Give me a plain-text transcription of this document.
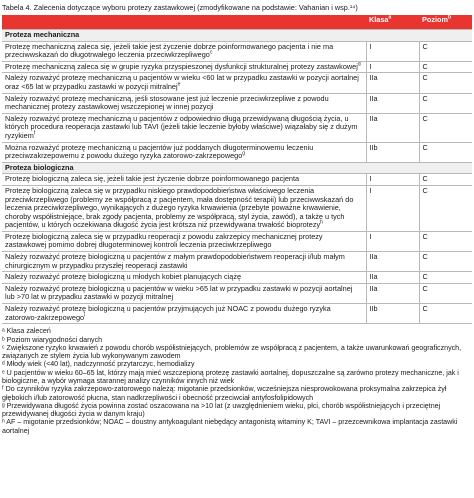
Tabela 4. Zalecenia dotyczące wyboru protezy zastawkowej (zmodyfikowane na podstawie: Vahanian i wsp.¹⁴)
.	Klasa$^a$	Poziom$^b$
Proteza mechaniczna		
Protezę mechaniczną zaleca się, jeżeli takie jest życzenie dobrze poinformowanego pacjenta i nie ma przeciwwskazań do długotrwałego leczenia przeciwkrzepliwego$^c$	I	C
Protezę mechaniczną zaleca się w grupie ryzyka przyspieszonej dysfunkcji strukturalnej protezy zastawkowej$^d$	I	C
Należy rozważyć protezę mechaniczną u pacjentów w wieku <60 lat w przypadku zastawki w pozycji aortalnej oraz <65 lat w przypadku zastawki w pozycji mitralnej$^e$	IIa	C
Należy rozważyć protezę mechaniczną, jeśli stosowane jest już leczenie przeciwkrzepliwe z powodu mechanicznej protezy zastawkowej wszczepionej w innej pozycji	IIa	C
Należy rozważyć protezę mechaniczną u pacjentów z odpowiednio długą przewidywaną długością życia, u których procedura reoperacja zastawki lub TAVI (jeżeli takie leczenie byłoby właściwe) wiązałaby się z dużym ryzykiem$^f$	IIa	C
Można rozważyć protezę mechaniczną u pacjentów już poddanych długoterminowemu leczeniu przeciwzakrzepowemu z powodu dużego ryzyka zatorowo-zakrzepowego$^g$	IIb	C
Proteza biologiczna		
Protezę biologiczną zaleca się, jeżeli takie jest życzenie dobrze poinformowanego pacjenta	I	C
Protezę biologiczną zaleca się w przypadku niskiego prawdopodobieństwa właściwego leczenia przeciwkrzepliwego (problemy ze współpracą z pacjentem, mała dostępność terapii) lub przeciwwskazań do leczenia przeciwkrzepliwego, wynikających z dużego ryzyka krwawienia (przebyte poważne krwawienie, choroby współistniejące, brak zgody pacjenta, problemy ze współpracą, styl życia, zawód), a także u tych pacjentów, u których oczekiwana długość życia jest krótsza niż przewidywana trwałość bioprotezy$^h$	I	C
Protezę biologiczną zaleca się w przypadku reoperacji z powodu zakrzepicy mechanicznej protezy zastawkowej pomimo dobrej długoterminowej kontroli leczenia przeciwkrzepliwego	I	C
Należy rozważyć protezę biologiczną u pacjentów z małym prawdopodobieństwem reoperacji i/lub małym chirurgicznym w przypadku przyszłej reoperacji zastawki	IIa	C
Należy rozważyć protezę biologiczną u młodych kobiet planujących ciążę	IIa	C
Należy rozważyć protezę biologiczną u pacjentów w wieku >65 lat w przypadku zastawki w pozycji aortalnej lub >70 lat w przypadku zastawki w pozycji mitralnej	IIa	C
Należy rozważyć protezę biologiczną u pacjentów przyjmujących już NOAC z powodu dużego ryzyka zatorowo-zakrzepowego$^i$	IIb	C
ᵃ Klasa zaleceń
ᵇ Poziom wiarygodności danych
ᶜ Zwiększone ryzyko krwawień z powodu chorób współistniejących, problemów ze współpracą z pacjentem, a także uwarunkowań geograficznych, związanych ze stylem życia lub wykonywanym zawodem
ᵈ Młody wiek (<40 lat), nadczynność przytarczyc, hemodializy
ᵉ U pacjentów w wieku 60–65 lat, którzy mają mieć wszczepioną protezę zastawki aortalnej, dopuszczalne są zarówno protezy mechaniczne, jak i biologiczne, a wybór wymaga starannej analizy czynników innych niż wiek
ᶠ Do czynników ryzyka zakrzepowo-zatorowego należą: migotanie przedsionków, wcześniejsza niesprowokowana proksymalna zakrzepica żył głębokich i/lub zatorowość płucna, stan nadkrzepliwości i obecność przeciwciał antyfosfolipidowych
ᵍ Przewidywana długość życia powinna zostać oszacowana na >10 lat (z uwzględnieniem wieku, płci, chorób współistniejących i przeciętnej przewidywanej długości życia w danym kraju)
ʰ AF – migotanie przedsionków; NOAC – doustny antykoagulant niebędący antagonistą witaminy K; TAVI – przezcewnikowa implantacja zastawki aortalnej
